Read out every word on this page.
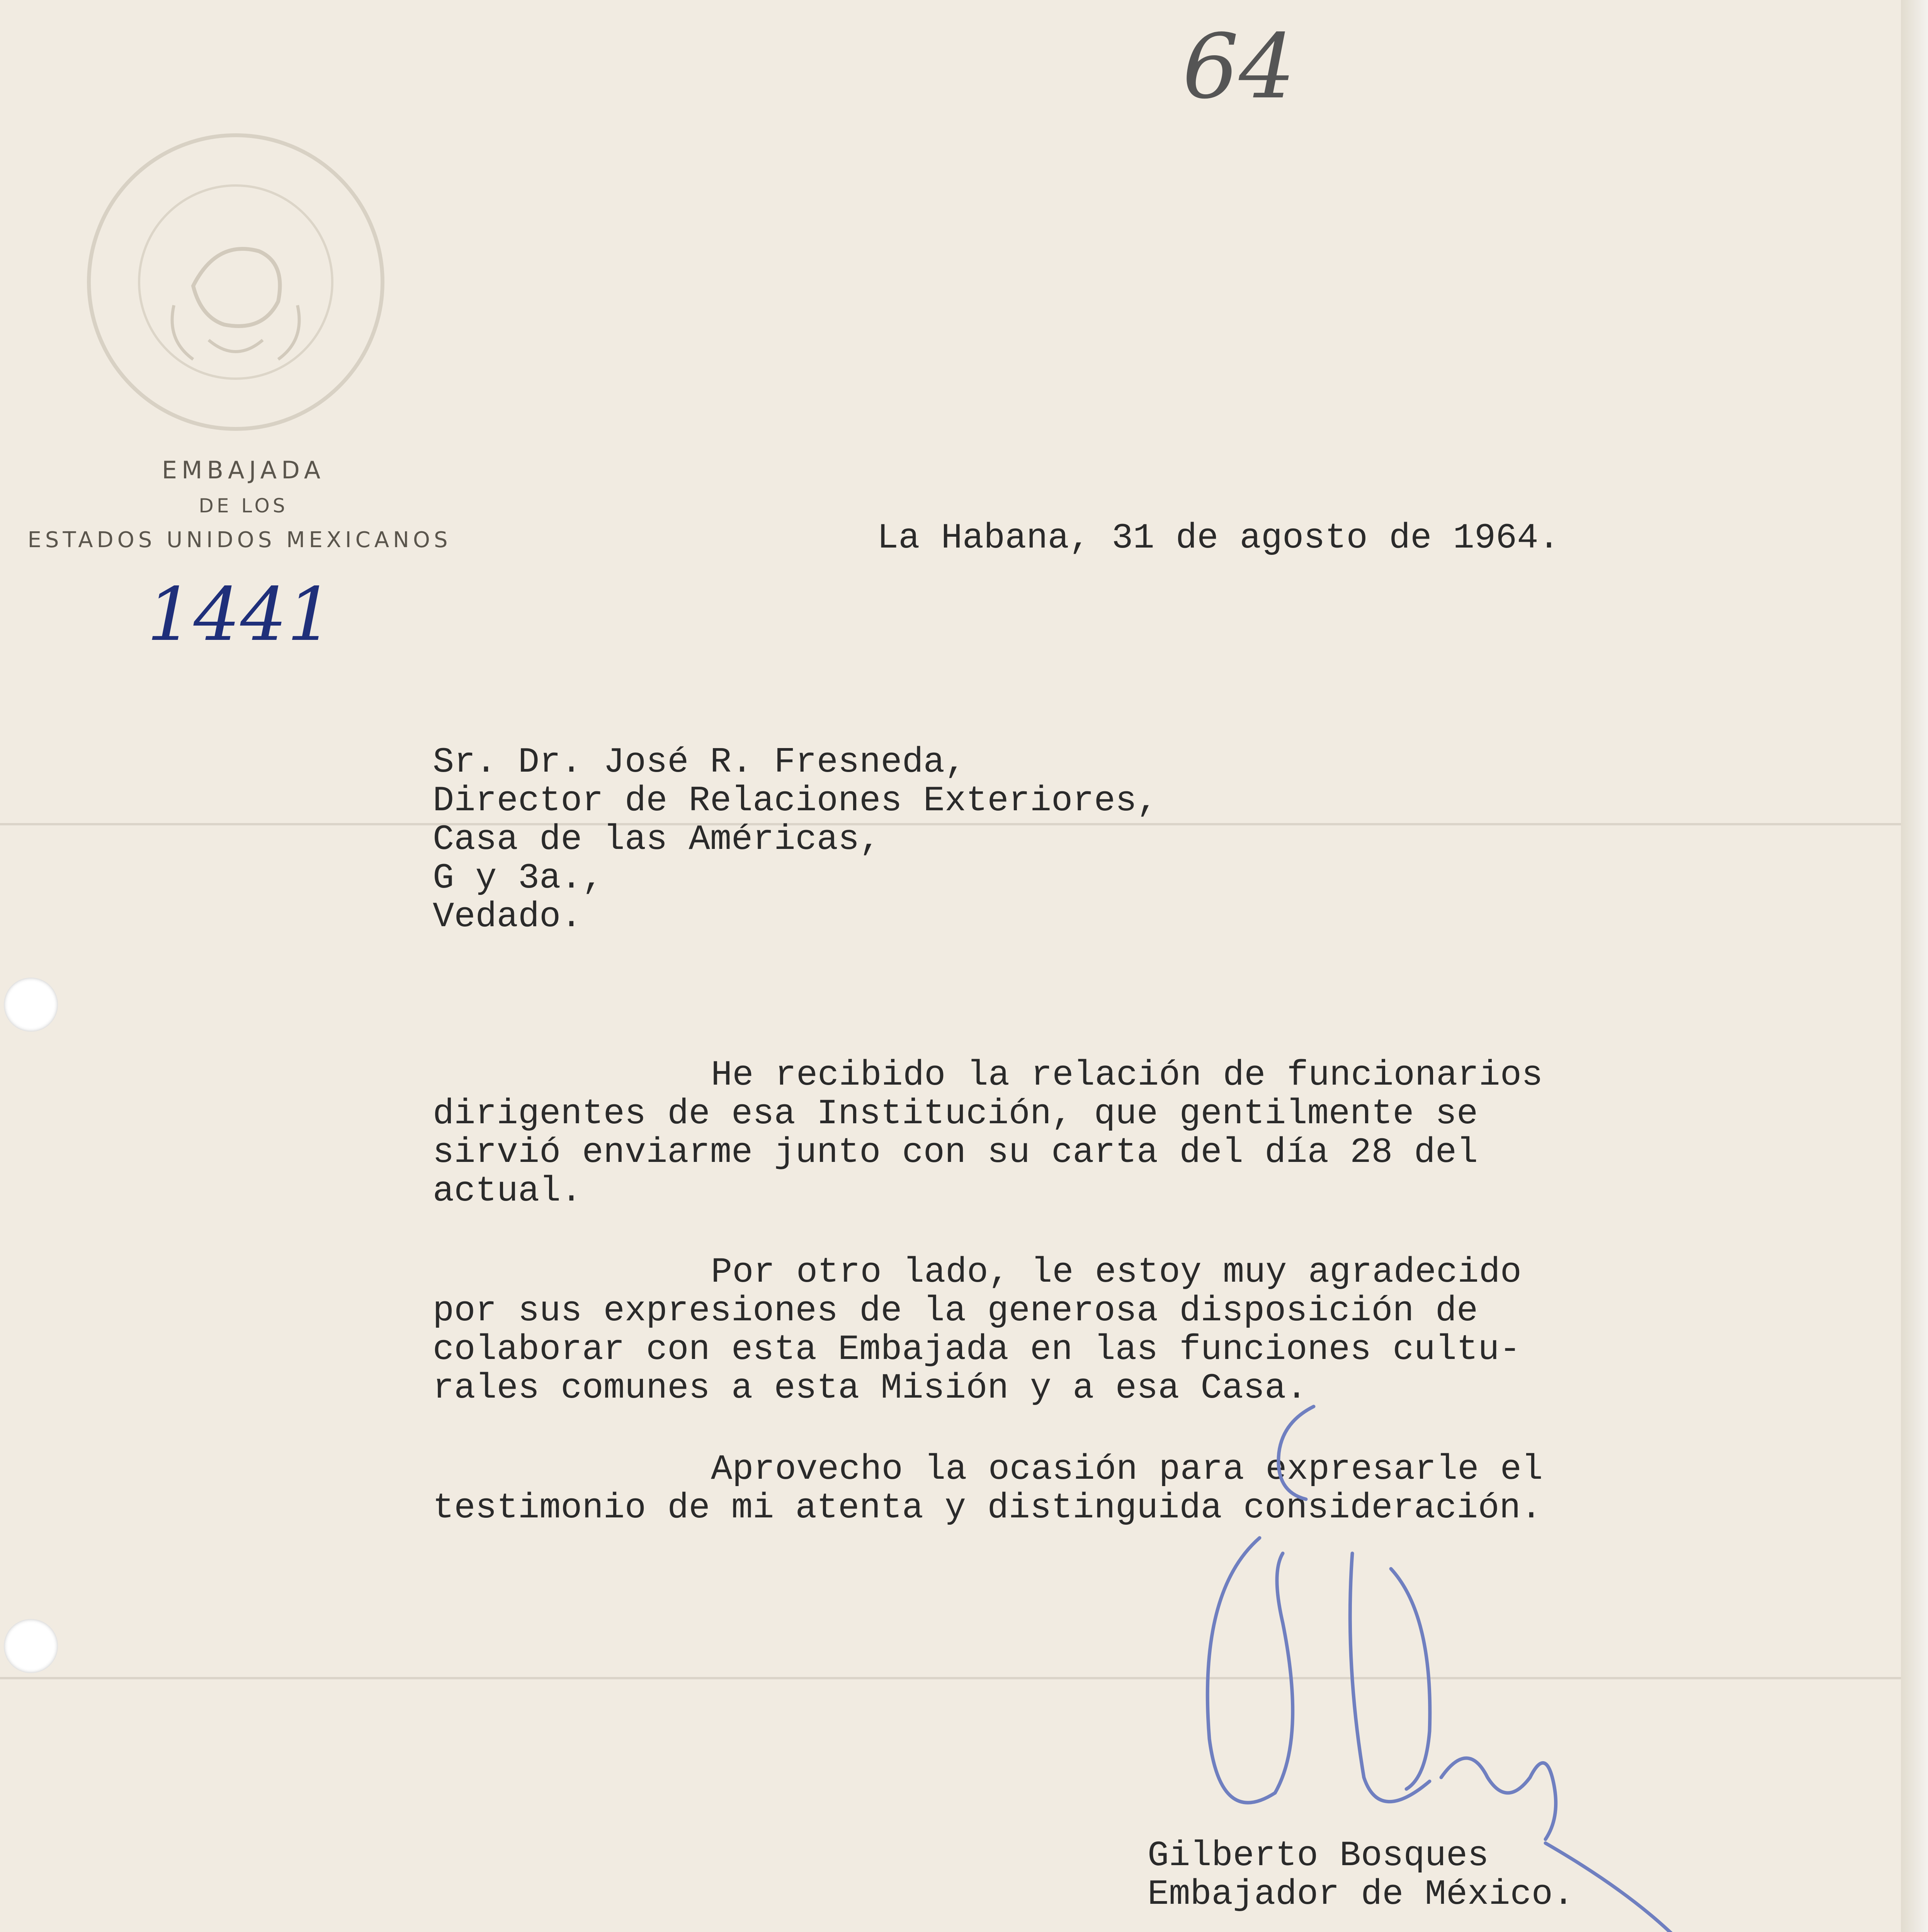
64
EMBAJADA
DE LOS
ESTADOS UNIDOS MEXICANOS
1441
La Habana, 31 de agosto de 1964.
Sr. Dr. José R. Fresneda,
Director de Relaciones Exteriores,
Casa de las Américas,
G y 3a.,
Vedado.
He recibido la relación de funcionarios
dirigentes de esa Institución, que gentilmente se
sirvió enviarme junto con su carta del día 28 del
actual.
Por otro lado, le estoy muy agradecido
por sus expresiones de la generosa disposición de
colaborar con esta Embajada en las funciones cultu-
rales comunes a esta Misión y a esa Casa.
Aprovecho la ocasión para expresarle el
testimonio de mi atenta y distinguida consideración.
Gilberto Bosques
Embajador de México.
